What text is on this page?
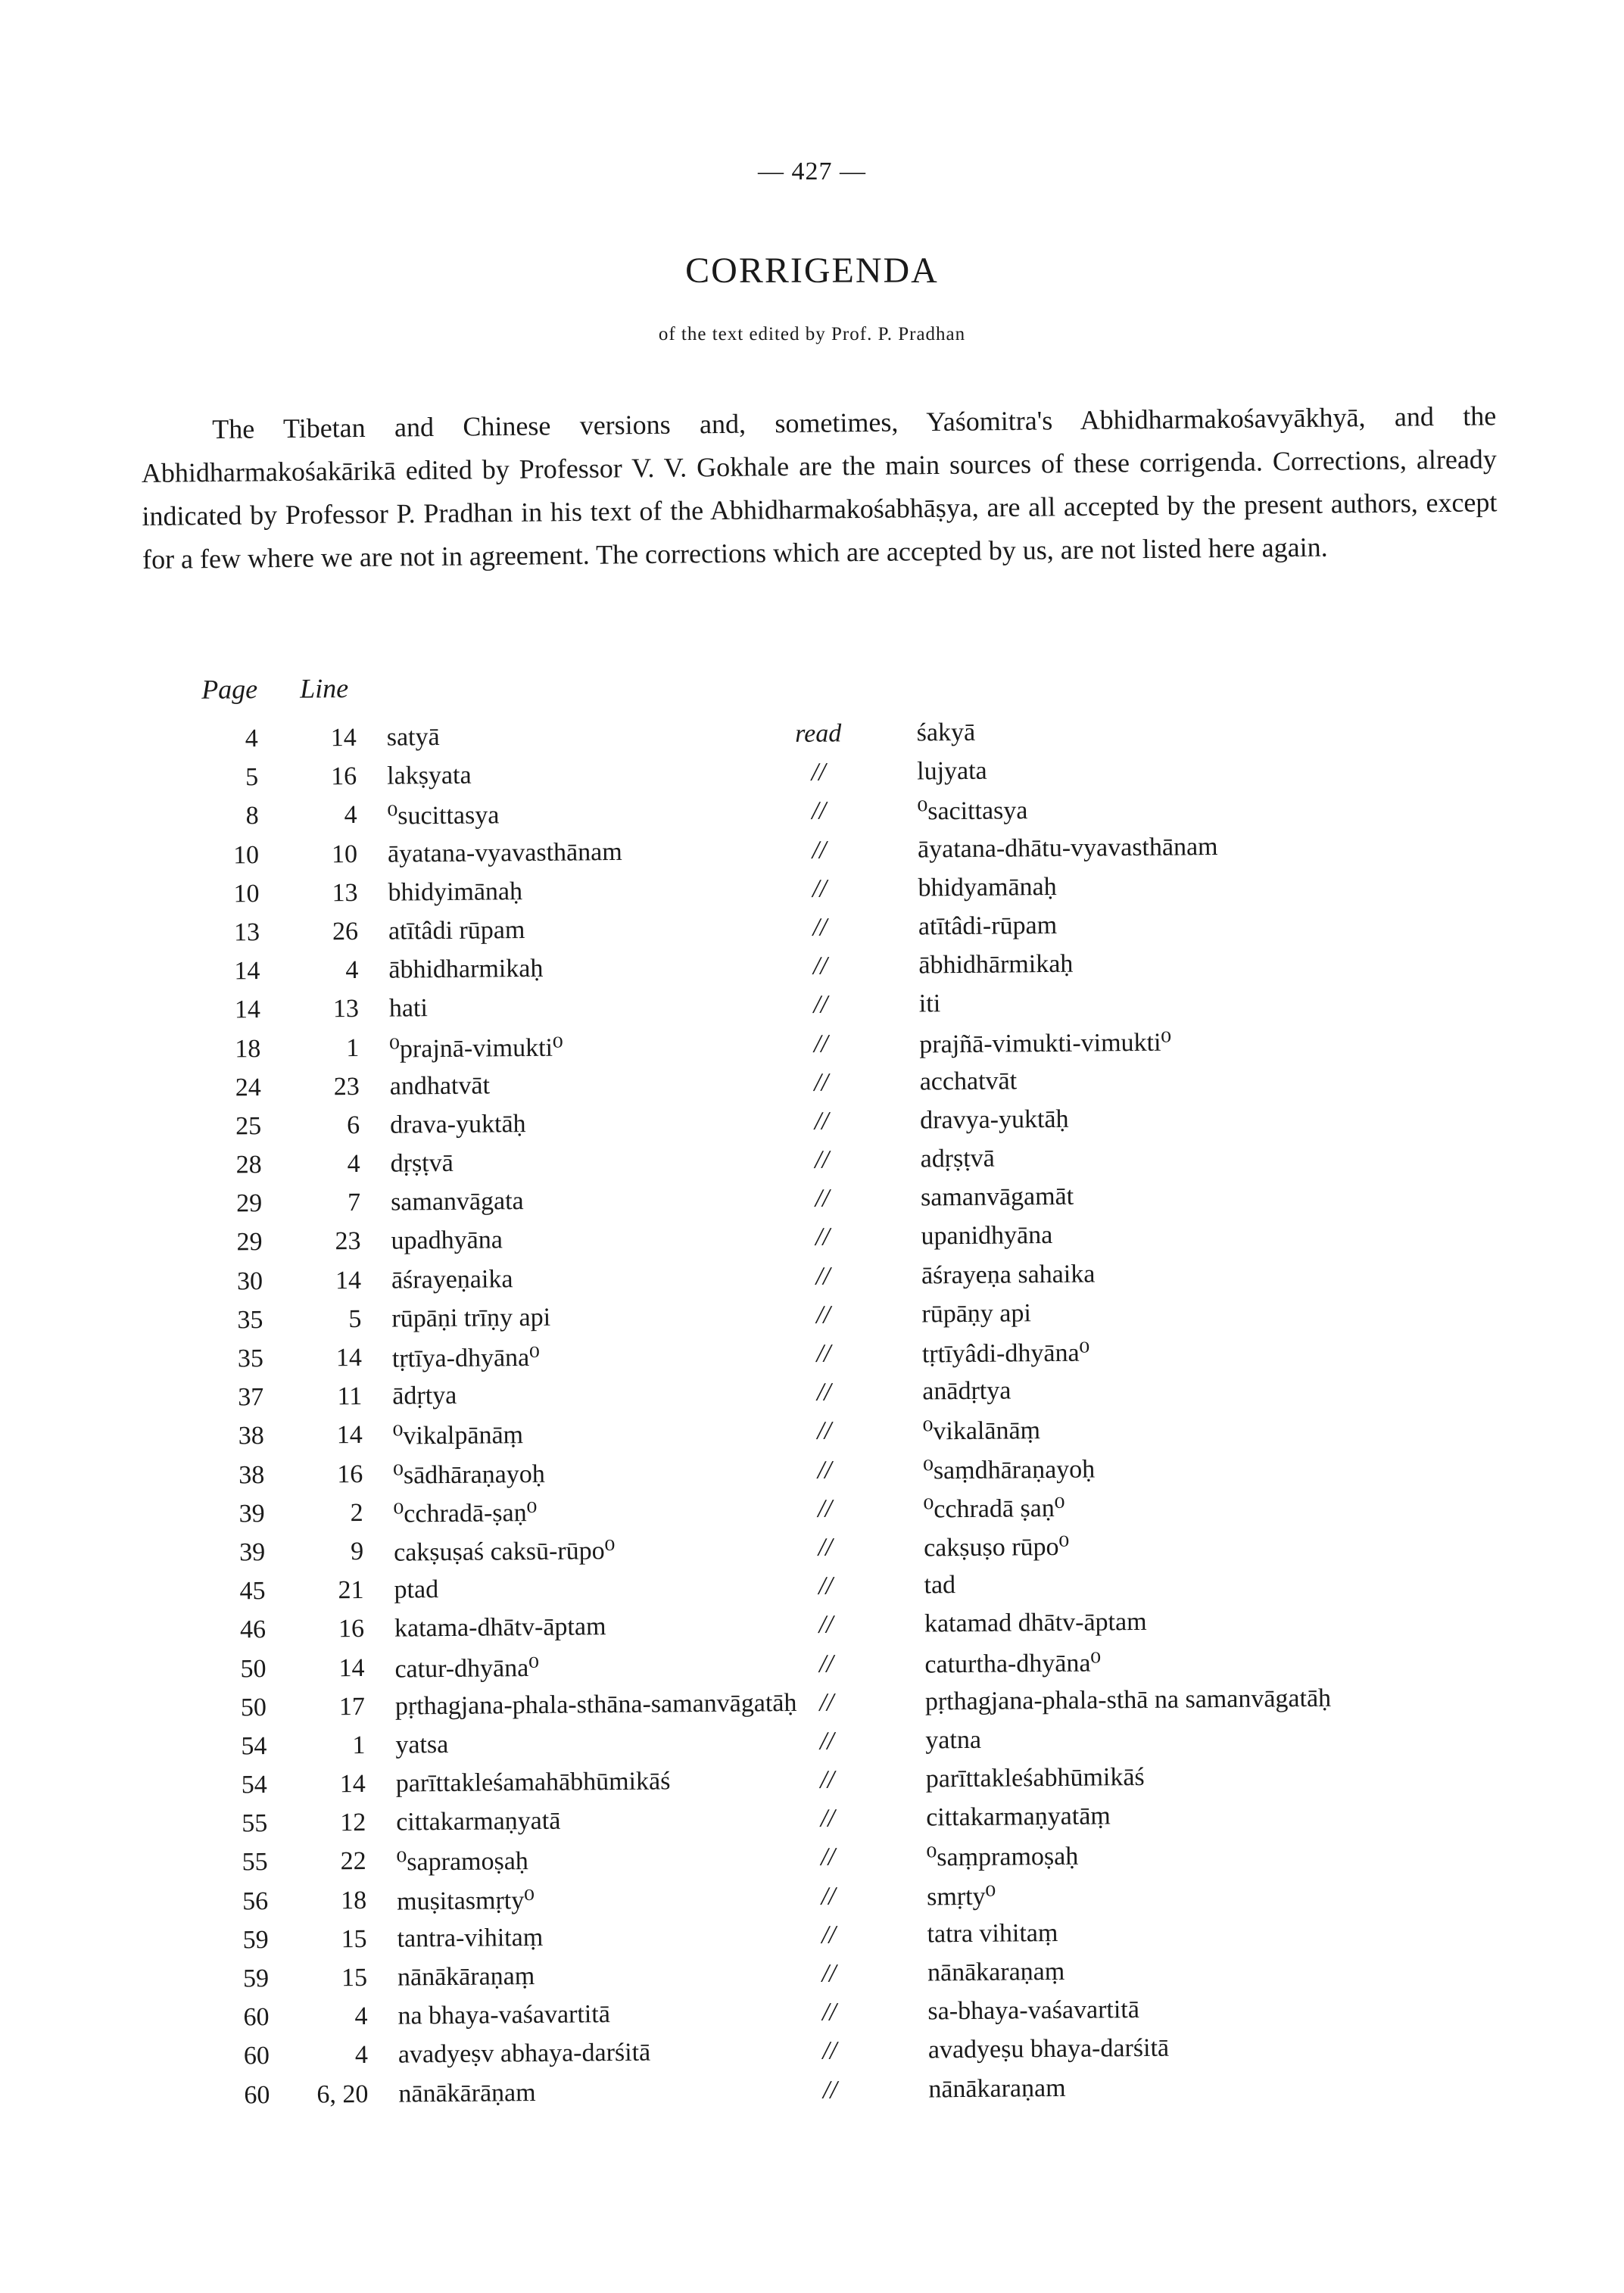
— 427 —
CORRIGENDA
of the text edited by Prof. P. Pradhan

The Tibetan and Chinese versions and, sometimes, Yaśomitra's Abhidharmakośavyākhyā, and the Abhidharmakośakārikā edited by Professor V. V. Gokhale are the main sources of these corrigenda. Corrections, already indicated by Professor P. Pradhan in his text of the Abhidharmakośabhāṣya, are all accepted by the present authors, except for a few where we are not in agreement. The corrections which are accepted by us, are not listed here again.

Page	Line
4	14 satyā	read	śakyā
5	16 lakṣyata	//	lujyata
8	4 ⁰sucittasya	//	⁰sacittasya
10	10 āyatana-vyavasthānam	//	āyatana-dhātu-vyavasthānam
10	13 bhidyimānaḥ	//	bhidyamānaḥ
13	26 atītâdi rūpam	//	atītâdi-rūpam
14	4 ābhidharmikaḥ	//	ābhidhārmikaḥ
14	13 hati	//	iti
18	1 ⁰prajnā-vimukti⁰	//	prajñā-vimukti-vimukti⁰
24	23 andhatvāt	//	acchatvāt
25	6 drava-yuktāḥ	//	dravya-yuktāḥ
28	4 dṛṣṭvā	//	adṛṣṭvā
29	7 samanvāgata	//	samanvāgamāt
29	23 upadhyāna	//	upanidhyāna
30	14 āśrayeṇaika	//	āśrayeṇa sahaika
35	5 rūpāṇi trīṇy api	//	rūpāṇy api
35	14 tṛtīya-dhyāna⁰	//	tṛtīyâdi-dhyāna⁰
37	11 ādṛtya	//	anādṛtya
38	14 ⁰vikalpānāṃ	//	⁰vikalānāṃ
38	16 ⁰sādhāraṇayoḥ	//	⁰saṃdhāraṇayoḥ
39	2 ⁰cchradā-ṣaṇ⁰	//	⁰cchradā ṣaṇ⁰
39	9 cakṣuṣaś caksū-rūpo⁰	//	cakṣuṣo rūpo⁰
45	21 ptad	//	tad
46	16 katama-dhātv-āptam	//	katamad dhātv-āptam
50	14 catur-dhyāna⁰	//	caturtha-dhyāna⁰
50	17 pṛthagjana-phala-sthāna-samanvāgatāḥ //	pṛthagjana-phala-sthā na samanvāgatāḥ
54	1 yatsa	//	yatna
54	14 parīttakleśamahābhūmikāś	//	parīttakleśabhūmikāś
55	12 cittakarmaṇyatā	//	cittakarmaṇyatāṃ
55	22 ⁰sapramoṣaḥ	//	⁰saṃpramoṣaḥ
56	18 muṣitasmṛty⁰	//	smṛty⁰
59	15 tantra-vihitaṃ	//	tatra vihitaṃ
59	15 nānākāraṇaṃ	//	nānākaraṇaṃ
60	4 na bhaya-vaśavartitā	//	sa-bhaya-vaśavartitā
60	4 avadyeṣv abhaya-darśitā	//	avadyeṣu bhaya-darśitā
60	6, 20 nānākārāṇam	//	nānākaraṇam
